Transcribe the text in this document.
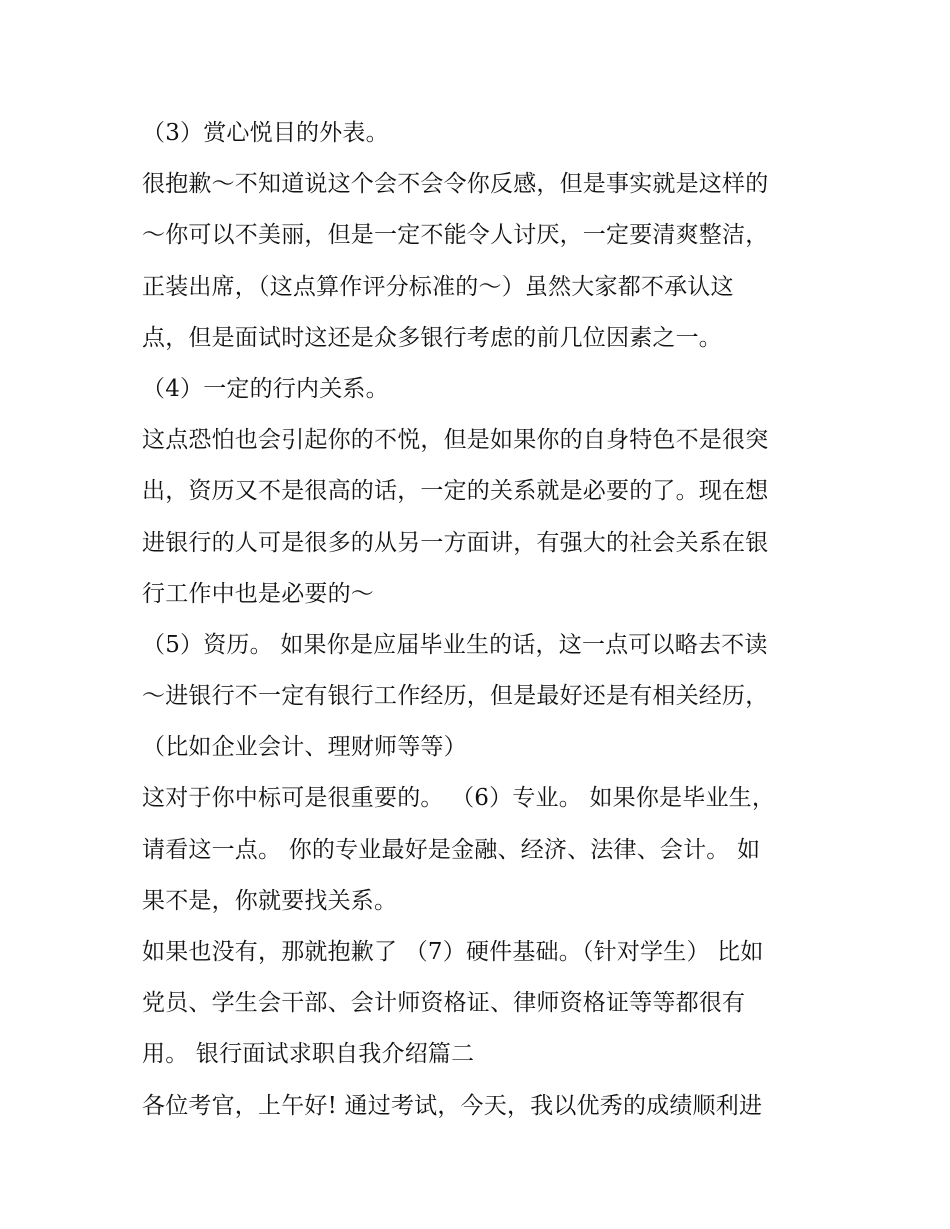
（3）赏心悦目的外表。
很抱歉～不知道说这个会不会令你反感，但是事实就是这样的
～你可以不美丽，但是一定不能令人讨厌，一定要清爽整洁，
正装出席，（这点算作评分标准的～）虽然大家都不承认这
点，但是面试时这还是众多银行考虑的前几位因素之一。
（4）一定的行内关系。
这点恐怕也会引起你的不悦，但是如果你的自身特色不是很突
出，资历又不是很高的话，一定的关系就是必要的了。现在想
进银行的人可是很多的从另一方面讲，有强大的社会关系在银
行工作中也是必要的～
（5）资历。 如果你是应届毕业生的话，这一点可以略去不读
～进银行不一定有银行工作经历，但是最好还是有相关经历，
（比如企业会计、理财师等等）
这对于你中标可是很重要的。 （6）专业。 如果你是毕业生，
请看这一点。 你的专业最好是金融、经济、法律、会计。 如
果不是，你就要找关系。
如果也没有，那就抱歉了 （7）硬件基础。（针对学生） 比如
党员、学生会干部、会计师资格证、律师资格证等等都很有
用。 银行面试求职自我介绍篇二
各位考官，上午好! 通过考试，今天，我以优秀的成绩顺利进
